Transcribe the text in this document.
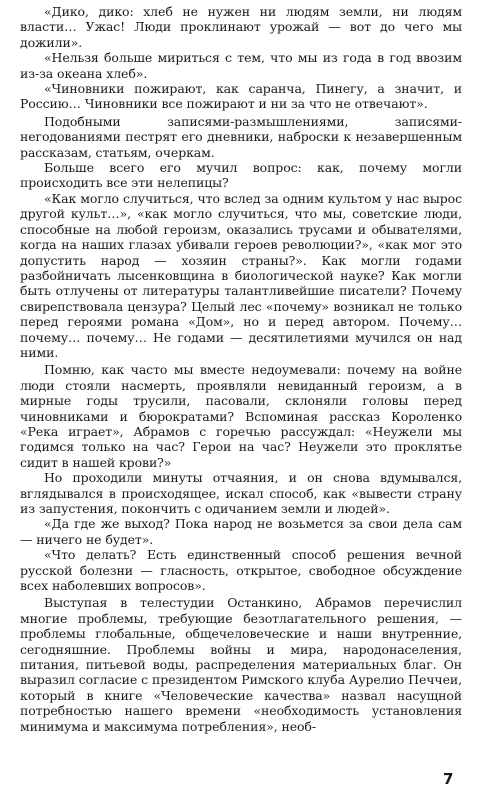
«Дико, дико: хлеб не нужен ни людям земли, ни людям власти… Ужас! Люди проклинают урожай — вот до чего мы дожили».

«Нельзя больше мириться с тем, что мы из года в год ввозим из-за океана хлеб».

«Чиновники пожирают, как саранча, Пинегу, а значит, и Россию… Чиновники все пожирают и ни за что не отвечают».

Подобными записями-размышлениями, записями-негодованиями пестрят его дневники, наброски к незавершенным рассказам, статьям, очеркам.

Больше всего его мучил вопрос: как, почему могли происходить все эти нелепицы?

«Как могло случиться, что вслед за одним культом у нас вырос другой культ…», «как могло случиться, что мы, советские люди, способные на любой героизм, оказались трусами и обывателями, когда на наших глазах убивали героев революции?», «как мог это допустить народ — хозяин страны?». Как могли годами разбойничать лысенковщина в биологической науке? Как могли быть отлучены от литературы талантливейшие писатели? Почему свирепствовала цензура? Целый лес «почему» возникал не только перед героями романа «Дом», но и перед автором. Почему… почему… почему… Не годами — десятилетиями мучился он над ними.

Помню, как часто мы вместе недоумевали: почему на войне люди стояли насмерть, проявляли невиданный героизм, а в мирные годы трусили, пасовали, склоняли головы перед чиновниками и бюрократами? Вспоминая рассказ Короленко «Река играет», Абрамов с горечью рассуждал: «Неужели мы годимся только на час? Герои на час? Неужели это проклятье сидит в нашей крови?»

Но проходили минуты отчаяния, и он снова вдумывался, вглядывался в происходящее, искал способ, как «вывести страну из запустения, покончить с одичанием земли и людей».

«Да где же выход? Пока народ не возьмется за свои дела сам — ничего не будет».

«Что делать? Есть единственный способ решения вечной русской болезни — гласность, открытое, свободное обсуждение всех наболевших вопросов».

Выступая в телестудии Останкино, Абрамов перечислил многие проблемы, требующие безотлагательного решения, — проблемы глобальные, общечеловеческие и наши внутренние, сегодняшние. Проблемы войны и мира, народонаселения, питания, питьевой воды, распределения материальных благ. Он выразил согласие с президентом Римского клуба Аурелио Печчеи, который в книге «Человеческие качества» назвал насущной потребностью нашего времени «необходимость установления минимума и максимума потребления», необ-

7
